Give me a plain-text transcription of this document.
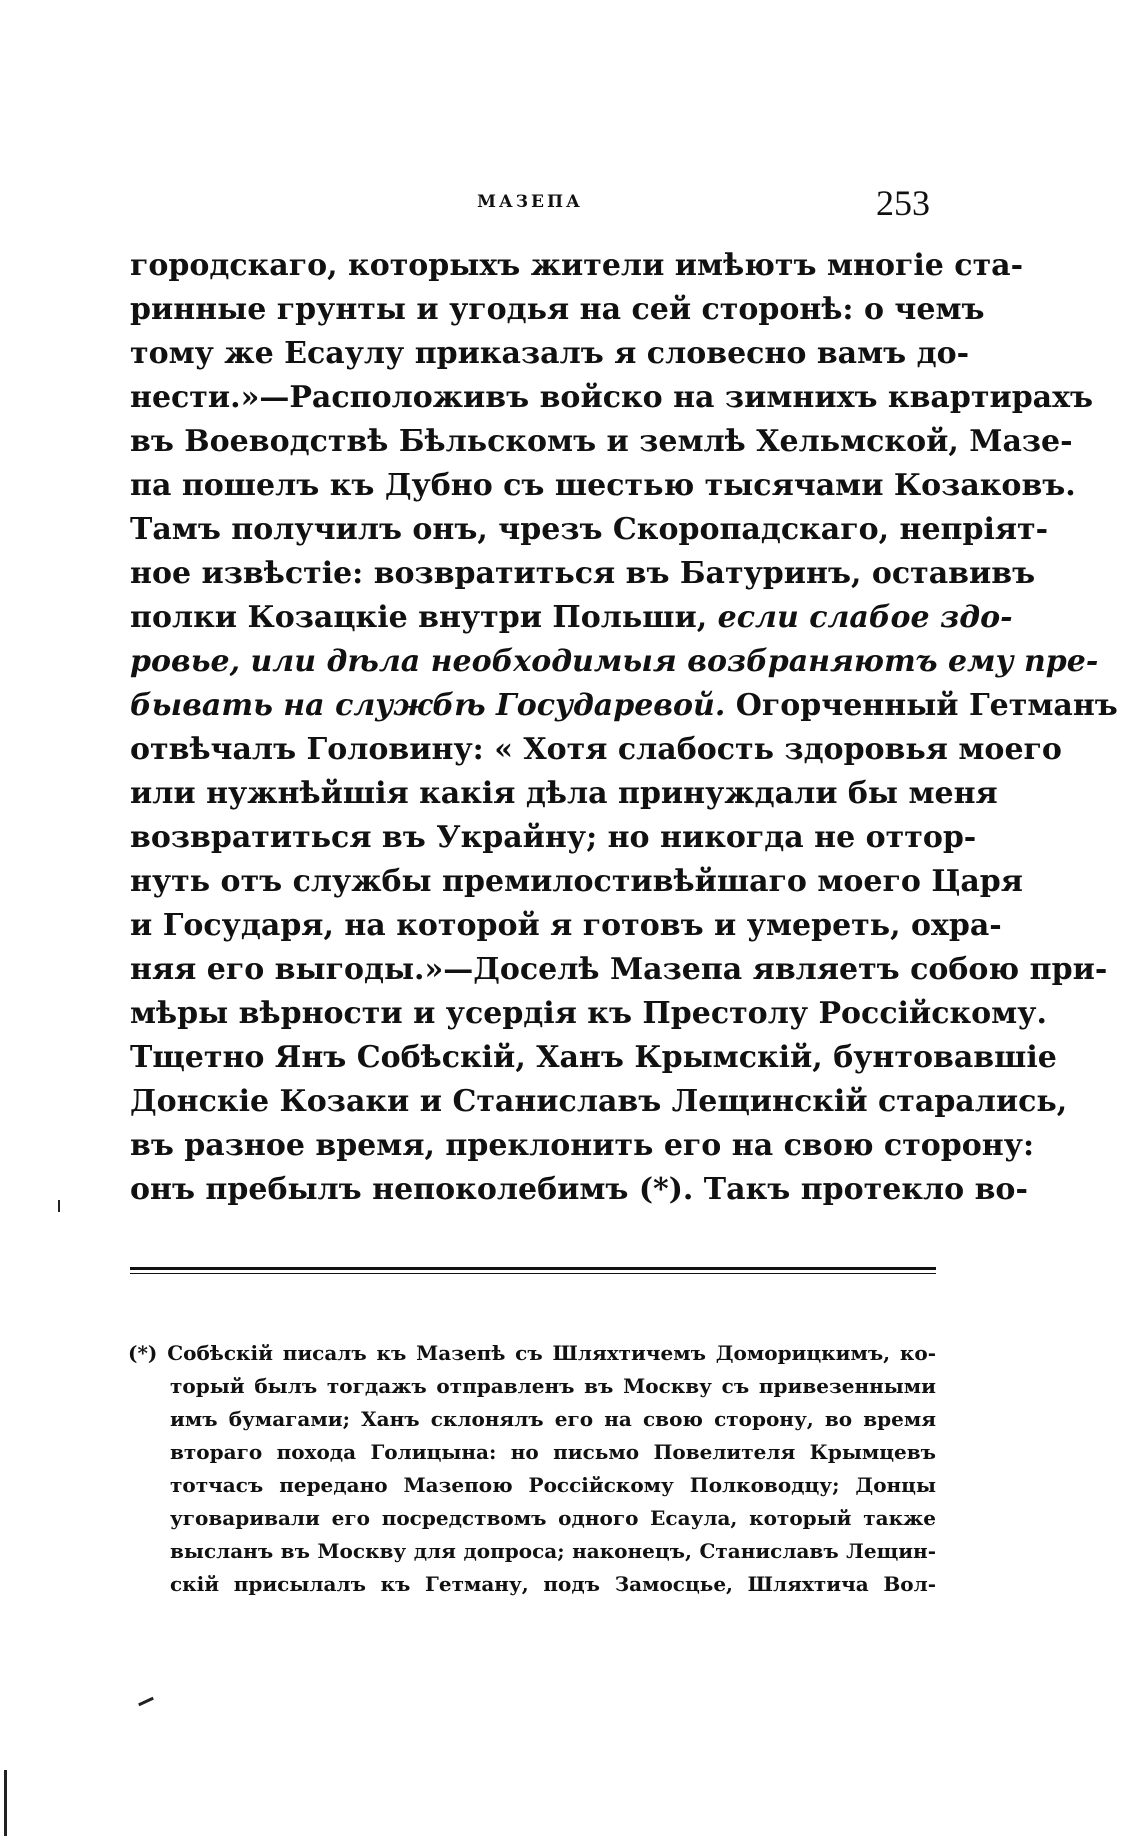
МАЗЕПА	253
городскаго, которыхъ жители имѣютъ многіе ста-
ринные грунты и угодья на сей сторонѣ: о чемъ
тому же Есаулу приказалъ я словесно вамъ до-
нести.»—Расположивъ войско на зимнихъ квартирахъ
въ Воеводствѣ Бѣльскомъ и землѣ Хельмской, Мазе-
па пошелъ къ Дубно съ шестью тысячами Козаковъ.
Тамъ получилъ онъ, чрезъ Скоропадскаго, непріят-
ное извѣстіе: возвратиться въ Батуринъ, оставивъ
полки Козацкіе внутри Польши, если слабое здо-
ровье, или дѣла необходимыя возбраняютъ ему пре-
бывать на службѣ Государевой. Огорченный Гетманъ
отвѣчалъ Головину: « Хотя слабость здоровья моего
или нужнѣйшія какія дѣла принуждали бы меня
возвратиться въ Украйну; но никогда не оттор-
нуть отъ службы премилостивѣйшаго моего Царя
и Государя, на которой я готовъ и умереть, охра-
няя его выгоды.»—Доселѣ Мазепа являетъ собою при-
мѣры вѣрности и усердія къ Престолу Россійскому.
Тщетно Янъ Собѣскій, Ханъ Крымскій, бунтовавшіе
Донскіе Козаки и Станиславъ Лещинскій старались,
въ разное время, преклонить его на свою сторону:
онъ пребылъ непоколебимъ (*). Такъ протекло во-
(*) Собѣскій писалъ къ Мазепѣ съ Шляхтичемъ Доморицкимъ, ко-
торый былъ тогдажъ отправленъ въ Москву съ привезенными
имъ бумагами; Ханъ склонялъ его на свою сторону, во время
втораго похода Голицына: но письмо Повелителя Крымцевъ
тотчасъ передано Мазепою Россійскому Полководцу; Донцы
уговаривали его посредствомъ одного Есаула, который также
высланъ въ Москву для допроса; наконецъ, Станиславъ Лещин-
скій присылалъ къ Гетману, подъ Замосцье, Шляхтича Вол-
